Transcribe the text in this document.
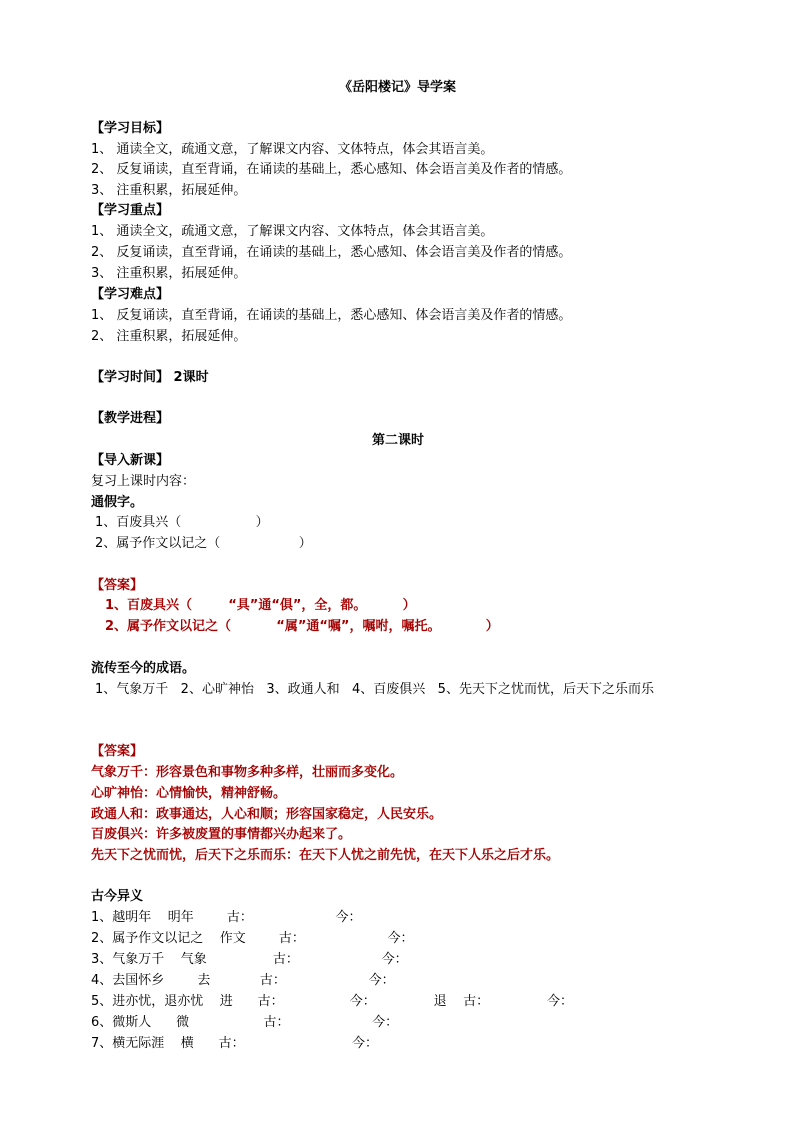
《岳阳楼记》导学案
【学习目标】
1、 通读全文，疏通文意，了解课文内容、文体特点，体会其语言美。
2、 反复诵读，直至背诵，在诵读的基础上，悉心感知、体会语言美及作者的情感。
3、 注重积累，拓展延伸。
【学习重点】
1、 通读全文，疏通文意，了解课文内容、文体特点，体会其语言美。
2、 反复诵读，直至背诵，在诵读的基础上，悉心感知、体会语言美及作者的情感。
3、 注重积累，拓展延伸。
【学习难点】
1、 反复诵读，直至背诵，在诵读的基础上，悉心感知、体会语言美及作者的情感。
2、 注重积累，拓展延伸。
【学习时间】 2课时
【教学进程】
第二课时
【导入新课】
复习上课时内容：
通假字。
1、百废具兴（                  ）
2、属予作文以记之（                   ）
【答案】
1、百废具兴（        “具”通“俱”，全，都。        ）
2、属予作文以记之（          “属”通“嘱”，嘱咐，嘱托。          ）
流传至今的成语。
1、气象万千   2、心旷神怡   3、政通人和   4、百废俱兴   5、先天下之忧而忧，后天下之乐而乐
【答案】
气象万千：形容景色和事物多种多样，壮丽而多变化。
心旷神怡：心情愉快，精神舒畅。
政通人和：政事通达，人心和顺；形容国家稳定，人民安乐。
百废俱兴：许多被废置的事情都兴办起来了。
先天下之忧而忧，后天下之乐而乐：在天下人忧之前先忧，在天下人乐之后才乐。
古今异义
1、越明年    明年        古：                    今：
2、属予作文以记之    作文        古：                    今：
3、气象万千    气象                古：                    今：
4、去国怀乡        去            古：                    今：
5、进亦忧，退亦忧    进      古：                今：              退    古：              今：
6、微斯人      微                  古：                    今：
7、横无际涯    横      古：                          今：
